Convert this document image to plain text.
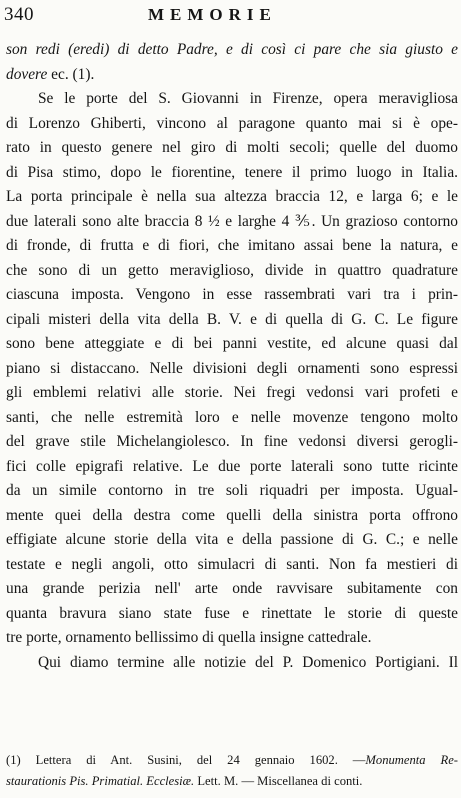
340	MEMORIE
son redi (eredi) di detto Padre, e di così ci pare che sia giusto e
dovere ec. (1).
Se le porte del S. Giovanni in Firenze, opera meravigliosa
di Lorenzo Ghiberti, vincono al paragone quanto mai si è ope-
rato in questo genere nel giro di molti secoli; quelle del duomo
di Pisa stimo, dopo le fiorentine, tenere il primo luogo in Italia.
La porta principale è nella sua altezza braccia 12, e larga 6; e le
due laterali sono alte braccia 8 ½ e larghe 4 ⅗. Un grazioso contorno
di fronde, di frutta e di fiori, che imitano assai bene la natura, e
che sono di un getto meraviglioso, divide in quattro quadrature
ciascuna imposta. Vengono in esse rassembrati vari tra i prin-
cipali misteri della vita della B. V. e di quella di G. C. Le figure
sono bene atteggiate e di bei panni vestite, ed alcune quasi dal
piano si distaccano. Nelle divisioni degli ornamenti sono espressi
gli emblemi relativi alle storie. Nei fregi vedonsi vari profeti e
santi, che nelle estremità loro e nelle movenze tengono molto
del grave stile Michelangiolesco. In fine vedonsi diversi gerogli-
fici colle epigrafi relative. Le due porte laterali sono tutte ricinte
da un simile contorno in tre soli riquadri per imposta. Ugual-
mente quei della destra come quelli della sinistra porta offrono
effigiate alcune storie della vita e della passione di G. C.; e nelle
testate e negli angoli, otto simulacri di santi. Non fa mestieri di
una grande perizia nell' arte onde ravvisare subitamente con
quanta bravura siano state fuse e rinettate le storie di queste
tre porte, ornamento bellissimo di quella insigne cattedrale.
Qui diamo termine alle notizie del P. Domenico Portigiani. Il
(1) Lettera di Ant. Susini, del 24 gennaio 1602. —Monumenta Re-
staurationis Pis. Primatial. Ecclesiæ. Lett. M. — Miscellanea di conti.
